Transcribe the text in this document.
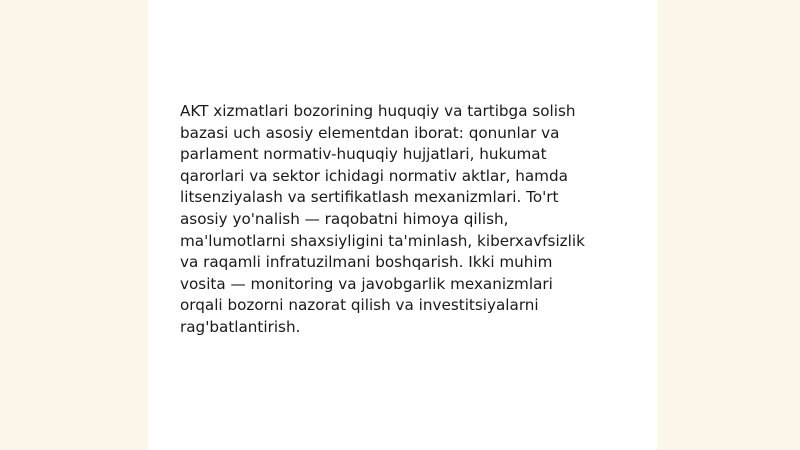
AKT xizmatlari bozorining huquqiy va tartibga solish
bazasi uch asosiy elementdan iborat: qonunlar va
parlament normativ-huquqiy hujjatlari, hukumat
qarorlari va sektor ichidagi normativ aktlar, hamda
litsenziyalash va sertifikatlash mexanizmlari. To'rt
asosiy yo'nalish — raqobatni himoya qilish,
ma'lumotlarni shaxsiyligini ta'minlash, kiberxavfsizlik
va raqamli infratuzilmani boshqarish. Ikki muhim
vosita — monitoring va javobgarlik mexanizmlari
orqali bozorni nazorat qilish va investitsiyalarni
rag'batlantirish.
